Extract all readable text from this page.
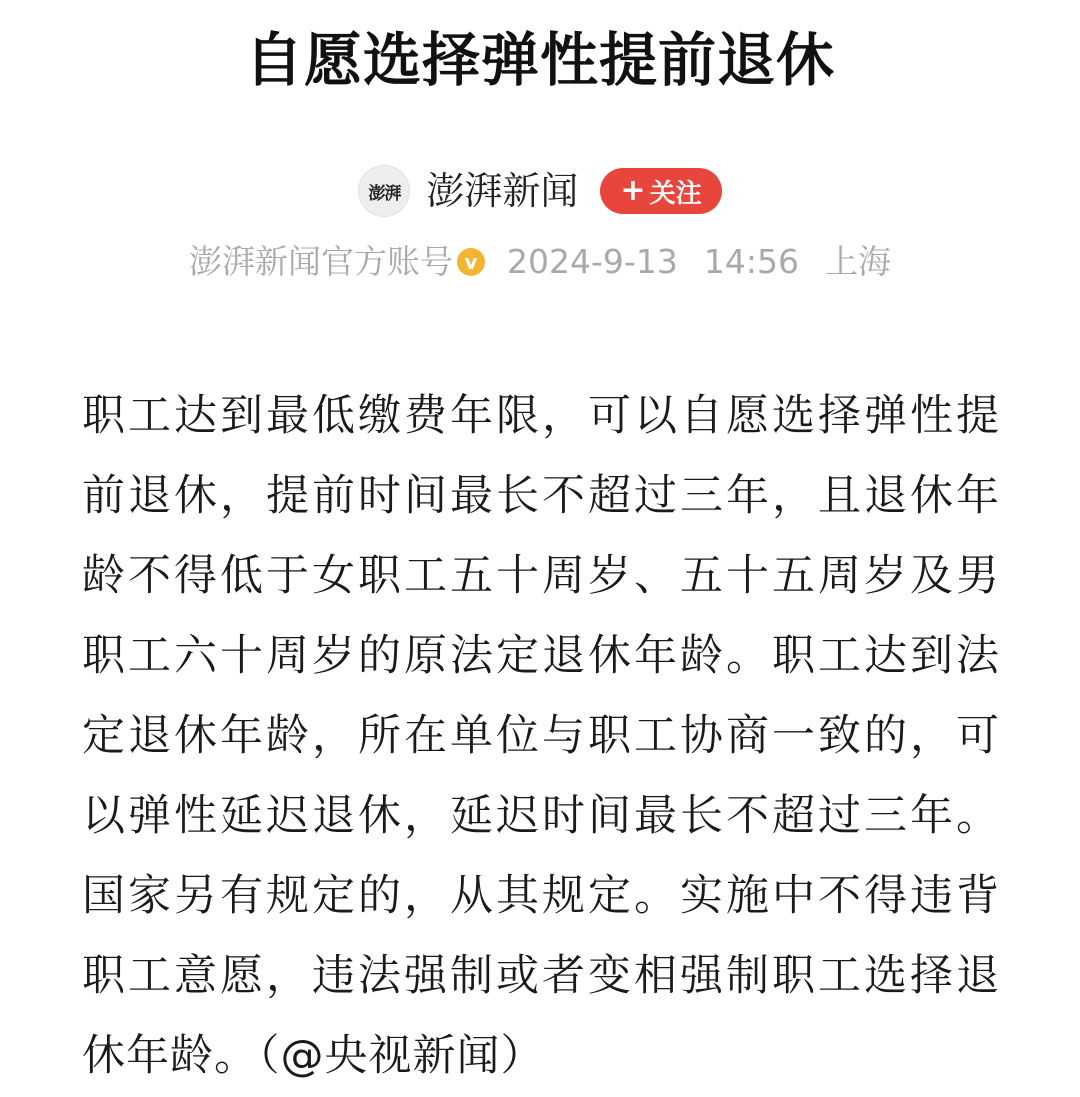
自愿选择弹性提前退休
澎湃 澎湃新闻 + 关注
澎湃新闻官方账号 v 2024-9-13 14:56 上海
职工达到最低缴费年限，可以自愿选择弹性提前退休，提前时间最长不超过三年，且退休年龄不得低于女职工五十周岁、五十五周岁及男职工六十周岁的原法定退休年龄。职工达到法定退休年龄，所在单位与职工协商一致的，可以弹性延迟退休，延迟时间最长不超过三年。国家另有规定的，从其规定。实施中不得违背职工意愿，违法强制或者变相强制职工选择退休年龄。（@央视新闻）
